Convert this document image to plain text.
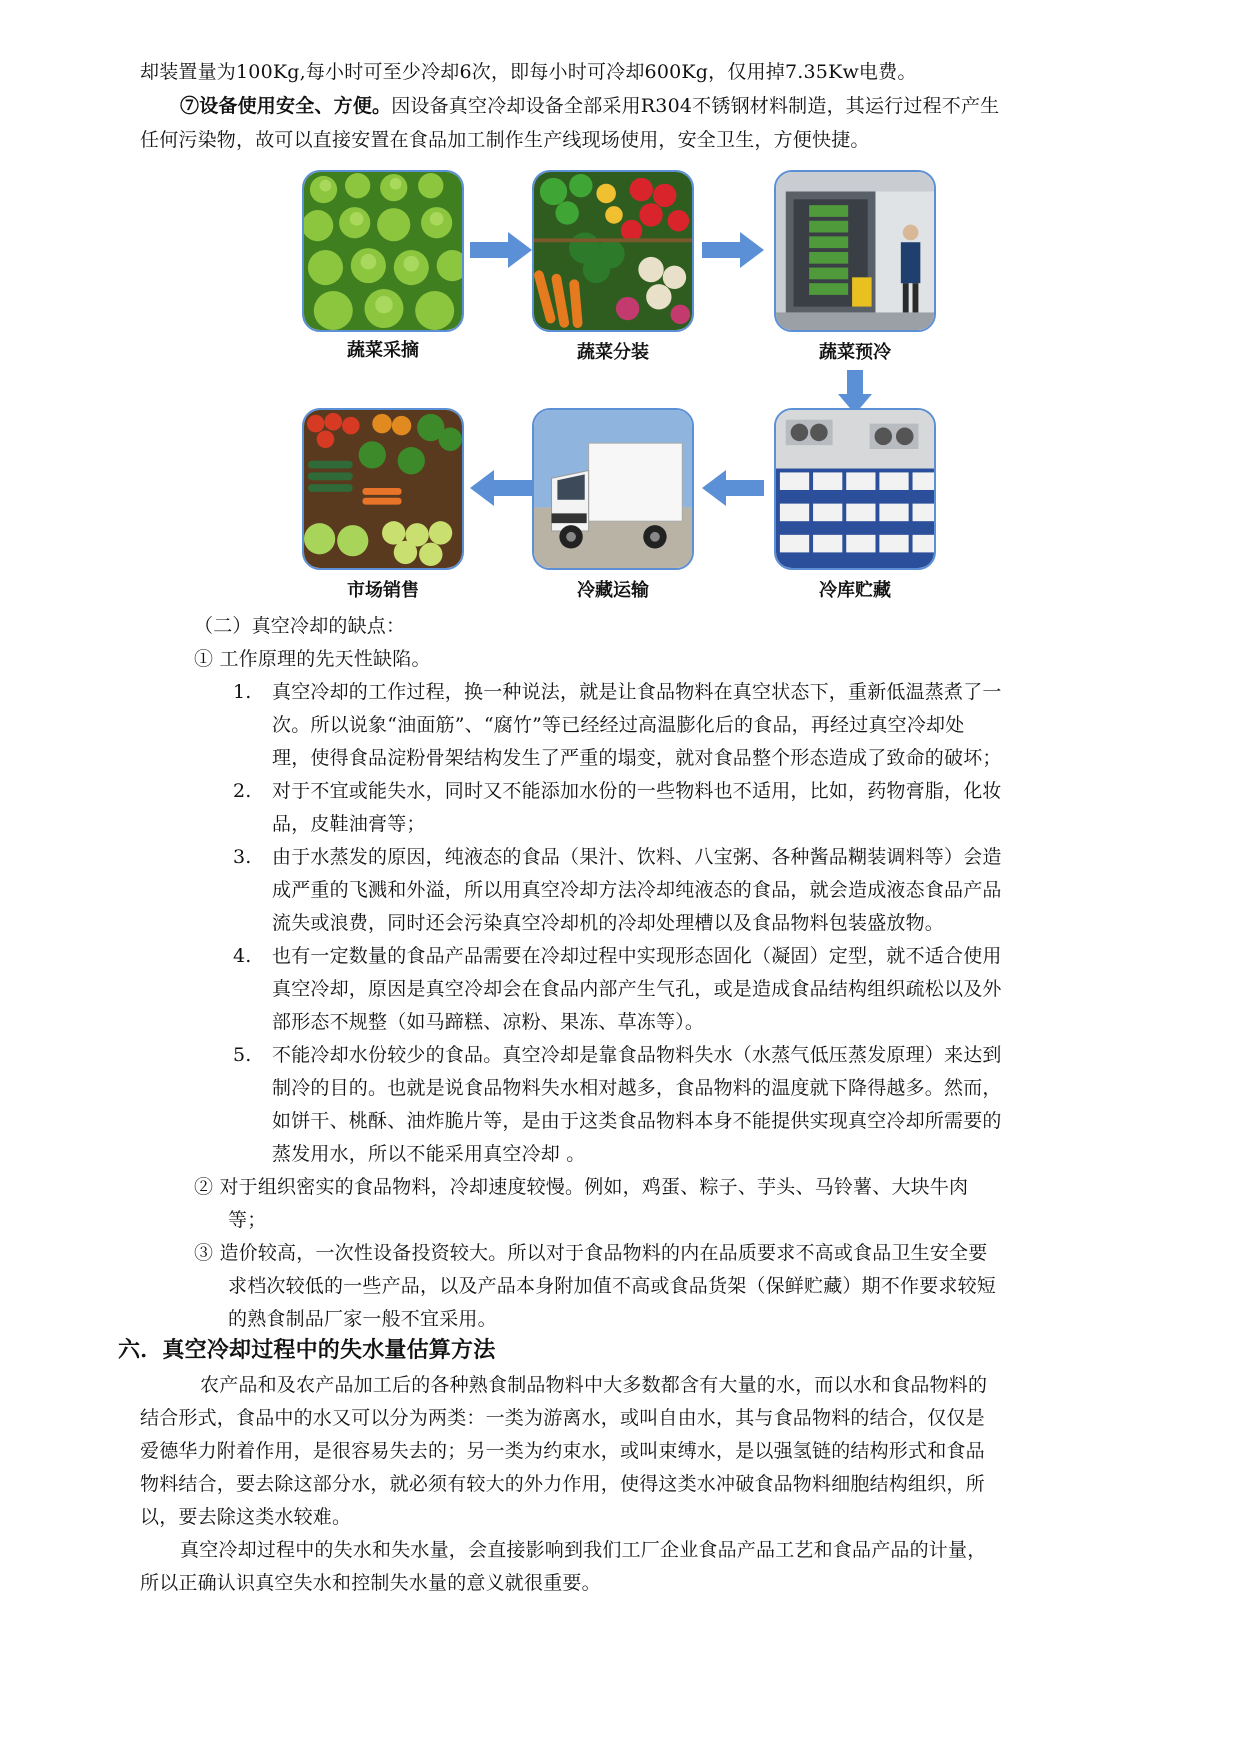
却装置量为100Kg,每小时可至少冷却6次，即每小时可冷却600Kg，仅用掉7.35Kw电费。
⑦设备使用安全、方便。因设备真空冷却设备全部采用R304不锈钢材料制造，其运行过程不产生
任何污染物，故可以直接安置在食品加工制作生产线现场使用，安全卫生，方便快捷。
蔬菜采摘	蔬菜分装	蔬菜预冷
冷库贮藏
冷藏运输
市场销售
（二）真空冷却的缺点：
① 工作原理的先天性缺陷。
1. 真空冷却的工作过程，换一种说法，就是让食品物料在真空状态下，重新低温蒸煮了一
次。所以说象“油面筋”、“腐竹”等已经经过高温膨化后的食品，再经过真空冷却处
理，使得食品淀粉骨架结构发生了严重的塌变，就对食品整个形态造成了致命的破坏；
2. 对于不宜或能失水，同时又不能添加水份的一些物料也不适用，比如，药物膏脂，化妆
品，皮鞋油膏等；
3. 由于水蒸发的原因，纯液态的食品（果汁、饮料、八宝粥、各种酱品糊装调料等）会造
成严重的飞溅和外溢，所以用真空冷却方法冷却纯液态的食品，就会造成液态食品产品
流失或浪费，同时还会污染真空冷却机的冷却处理槽以及食品物料包装盛放物。
4. 也有一定数量的食品产品需要在冷却过程中实现形态固化（凝固）定型，就不适合使用
真空冷却，原因是真空冷却会在食品内部产生气孔，或是造成食品结构组织疏松以及外
部形态不规整（如马蹄糕、凉粉、果冻、草冻等）。
5. 不能冷却水份较少的食品。真空冷却是靠食品物料失水（水蒸气低压蒸发原理）来达到
制冷的目的。也就是说食品物料失水相对越多，食品物料的温度就下降得越多。然而，
如饼干、桃酥、油炸脆片等，是由于这类食品物料本身不能提供实现真空冷却所需要的
蒸发用水，所以不能采用真空冷却 。
② 对于组织密实的食品物料，冷却速度较慢。例如，鸡蛋、粽子、芋头、马铃薯、大块牛肉
等；
③ 造价较高，一次性设备投资较大。所以对于食品物料的内在品质要求不高或食品卫生安全要
求档次较低的一些产品，以及产品本身附加值不高或食品货架（保鲜贮藏）期不作要求较短
的熟食制品厂家一般不宜采用。
六．真空冷却过程中的失水量估算方法
农产品和及农产品加工后的各种熟食制品物料中大多数都含有大量的水，而以水和食品物料的
结合形式，食品中的水又可以分为两类：一类为游离水，或叫自由水，其与食品物料的结合，仅仅是
爱德华力附着作用，是很容易失去的；另一类为约束水，或叫束缚水，是以强氢链的结构形式和食品
物料结合，要去除这部分水，就必须有较大的外力作用，使得这类水冲破食品物料细胞结构组织，所
以，要去除这类水较难。
真空冷却过程中的失水和失水量，会直接影响到我们工厂企业食品产品工艺和食品产品的计量，
所以正确认识真空失水和控制失水量的意义就很重要。
